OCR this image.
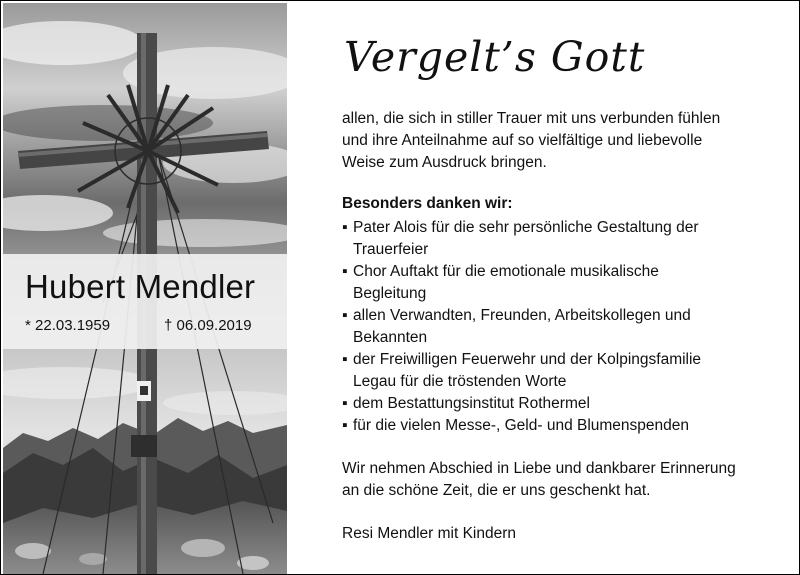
Hubert Mendler
* 22.03.1959	† 06.09.2019
Vergelt’s Gott
allen, die sich in stiller Trauer mit uns verbunden fühlen
und ihre Anteilnahme auf so vielfältige und liebevolle
Weise zum Ausdruck bringen.
Besonders danken wir:
▪ Pater Alois für die sehr persönliche Gestaltung der
Trauerfeier
▪ Chor Auftakt für die emotionale musikalische
Begleitung
▪ allen Verwandten, Freunden, Arbeitskollegen und
Bekannten
▪ der Freiwilligen Feuerwehr und der Kolpingsfamilie
Legau für die tröstenden Worte
▪ dem Bestattungsinstitut Rothermel
▪ für die vielen Messe-, Geld- und Blumenspenden
Wir nehmen Abschied in Liebe und dankbarer Erinnerung
an die schöne Zeit, die er uns geschenkt hat.
Resi Mendler mit Kindern
